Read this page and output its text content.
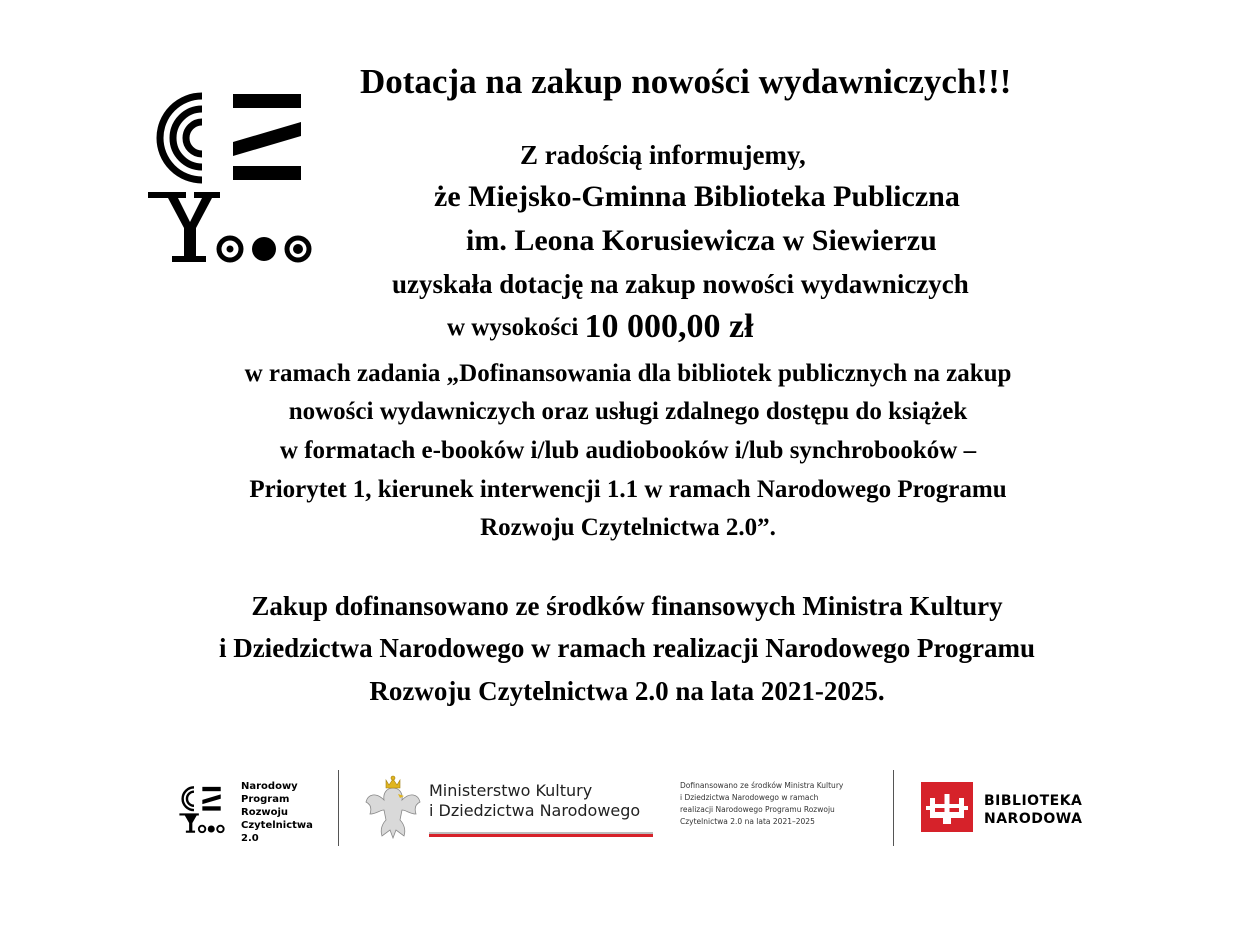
Dotacja na zakup nowości wydawniczych!!!
Z radością informujemy,
że Miejsko-Gminna Biblioteka Publiczna
im. Leona Korusiewicza w Siewierzu
uzyskała dotację na zakup nowości wydawniczych
w wysokości 10 000,00 zł
w ramach zadania „Dofinansowania dla bibliotek publicznych na zakup
nowości wydawniczych oraz usługi zdalnego dostępu do książek
w formatach e-booków i/lub audiobooków i/lub synchrobooków –
Priorytet 1, kierunek interwencji 1.1 w ramach Narodowego Programu
Rozwoju Czytelnictwa 2.0”.
Zakup dofinansowano ze środków finansowych Ministra Kultury
i Dziedzictwa Narodowego w ramach realizacji Narodowego Programu
Rozwoju Czytelnictwa 2.0 na lata 2021-2025.
Narodowy
Program
Rozwoju
Czytelnictwa
2.0
Ministerstwo Kultury
i Dziedzictwa Narodowego
Dofinansowano ze środków Ministra Kultury
i Dziedzictwa Narodowego w ramach
realizacji Narodowego Programu Rozwoju
Czytelnictwa 2.0 na lata 2021–2025
BIBLIOTEKA
NARODOWA
